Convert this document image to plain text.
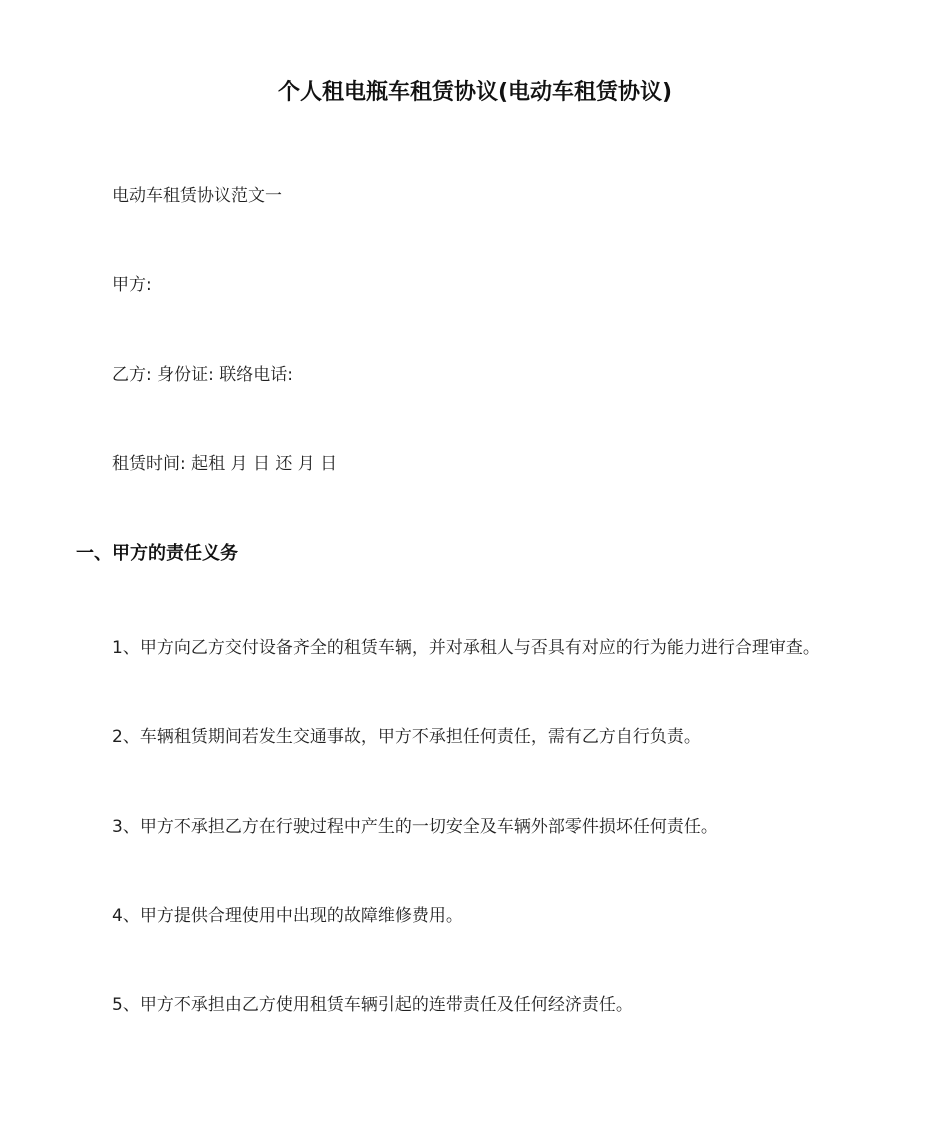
个人租电瓶车租赁协议(电动车租赁协议)

电动车租赁协议范文一

甲方:

乙方: 身份证: 联络电话:

租赁时间: 起租 月 日 还 月 日

一、甲方的责任义务

1、甲方向乙方交付设备齐全的租赁车辆，并对承租人与否具有对应的行为能力进行合理审查。

2、车辆租赁期间若发生交通事故，甲方不承担任何责任，需有乙方自行负责。

3、甲方不承担乙方在行驶过程中产生的一切安全及车辆外部零件损坏任何责任。

4、甲方提供合理使用中出现的故障维修费用。

5、甲方不承担由乙方使用租赁车辆引起的连带责任及任何经济责任。
